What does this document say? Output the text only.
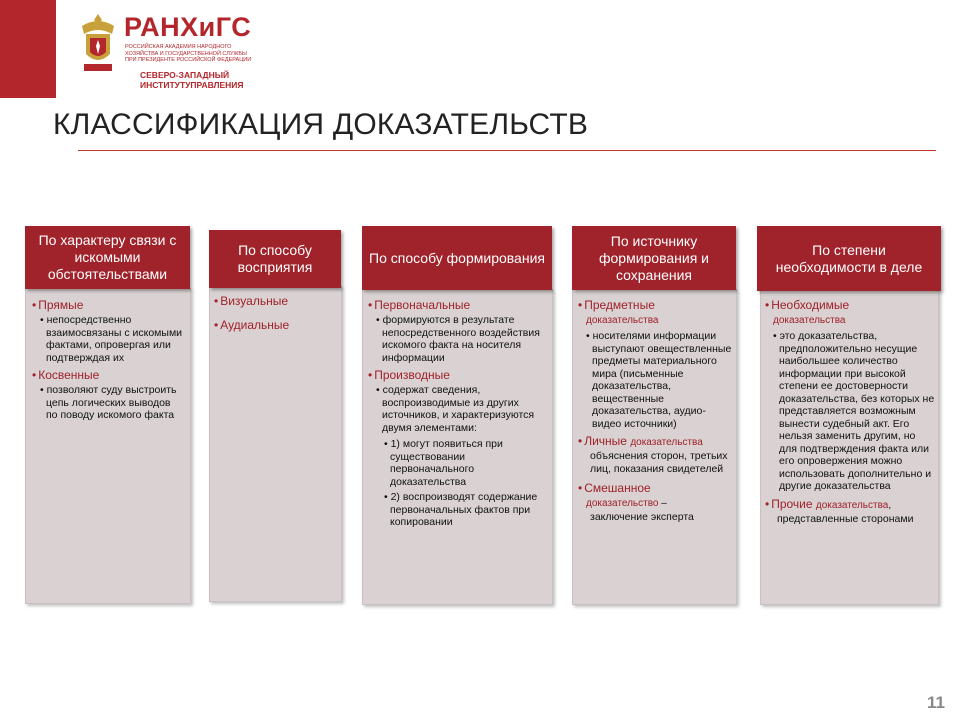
РАНХиГС
РОССИЙСКАЯ АКАДЕМИЯ НАРОДНОГО ХОЗЯЙСТВА И ГОСУДАРСТВЕННОЙ СЛУЖБЫ ПРИ ПРЕЗИДЕНТЕ РОССИЙСКОЙ ФЕДЕРАЦИИ
СЕВЕРО-ЗАПАДНЫЙ
ИНСТИТУТУПРАВЛЕНИЯ
КЛАССИФИКАЦИЯ ДОКАЗАТЕЛЬСТВ
По характеру связи с искомыми обстоятельствами
• Прямые
• непосредственно взаимосвязаны с искомыми фактами, опровергая или подтверждая их
• Косвенные
• позволяют суду выстроить цепь логических выводов по поводу искомого факта
По способу восприятия
• Визуальные
• Аудиальные
По способу формирования
• Первоначальные
• формируются в результате непосредственного воздействия искомого факта на носителя информации
• Производные
• содержат сведения, воспроизводимые из других источников, и характеризуются двумя элементами:
• 1) могут появиться при существовании первоначального доказательства
• 2) воспроизводят содержание первоначальных фактов при копировании
По источнику формирования и сохранения
• Предметные
доказательства
• носителями информации выступают овеществленные предметы материального мира (письменные доказательства, вещественные доказательства, аудио-видео источники)
• Личные доказательства
объяснения сторон, третьих лиц, показания свидетелей
• Смешанное
доказательство –
заключение эксперта
По степени необходимости в деле
• Необходимые
доказательства
• это доказательства, предположительно несущие наибольшее количество информации при высокой степени ее достоверности доказательства, без которых не представляется возможным вынести судебный акт. Его нельзя заменить другим, но для подтверждения факта или его опровержения можно использовать дополнительно и другие доказательства
• Прочие доказательства,
представленные сторонами
11
